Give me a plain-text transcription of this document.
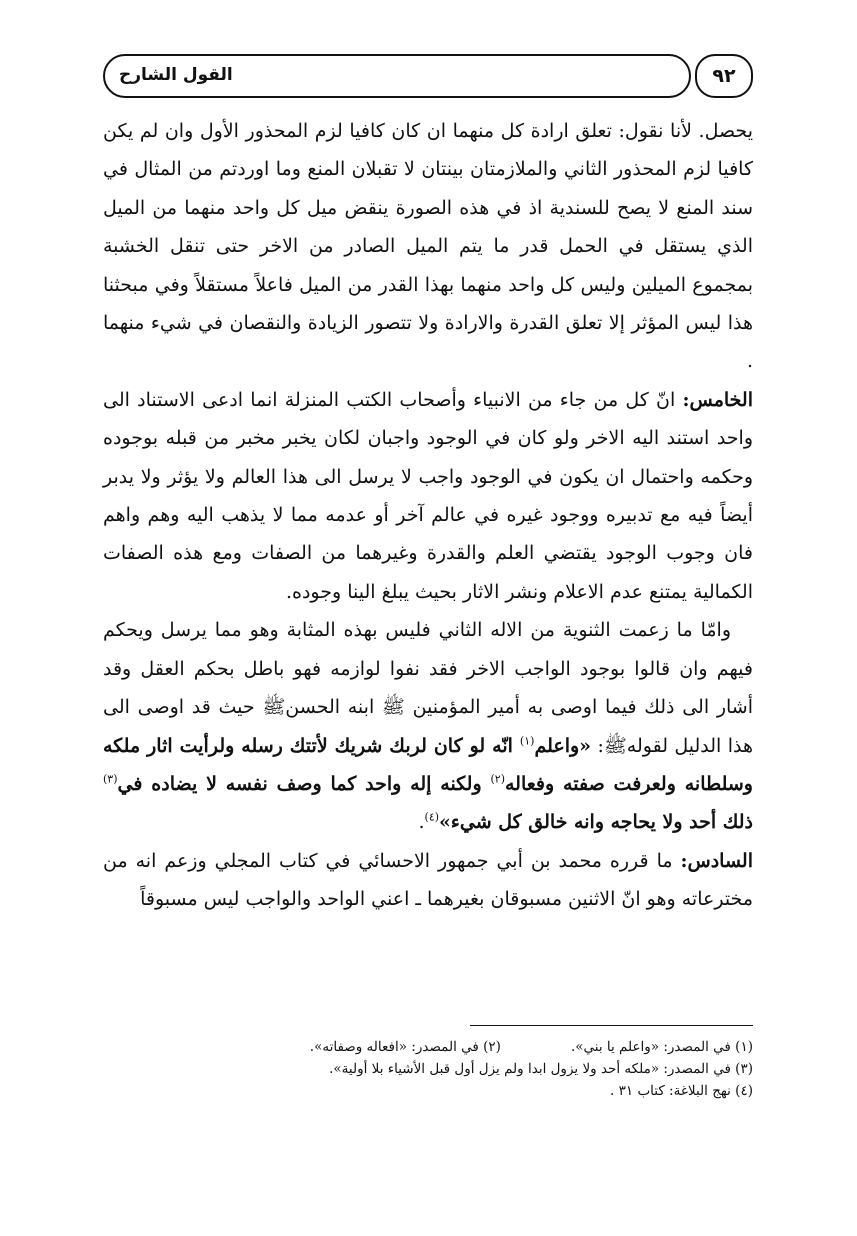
القول الشارح	٩٢

يحصل. لأنا نقول: تعلق ارادة كل منهما ان كان كافيا لزم المحذور الأول وان لم يكن كافيا لزم المحذور الثاني والملازمتان بينتان لا تقبلان المنع وما اوردتم من المثال في سند المنع لا يصح للسندية اذ في هذه الصورة ينقض ميل كل واحد منهما من الميل الذي يستقل في الحمل قدر ما يتم الميل الصادر من الاخر حتى تنقل الخشبة بمجموع الميلين وليس كل واحد منهما بهذا القدر من الميل فاعلاً مستقلاً وفي مبحثنا هذا ليس المؤثر إلا تعلق القدرة والارادة ولا تتصور الزيادة والنقصان في شيء منهما .

الخامس: انّ كل من جاء من الانبياء وأصحاب الكتب المنزلة انما ادعى الاستناد الى واحد استند اليه الاخر ولو كان في الوجود واجبان لكان يخبر مخبر من قبله بوجوده وحكمه واحتمال ان يكون في الوجود واجب لا يرسل الى هذا العالم ولا يؤثر ولا يدبر أيضاً فيه مع تدبيره ووجود غيره في عالم آخر أو عدمه مما لا يذهب اليه وهم واهم فان وجوب الوجود يقتضي العلم والقدرة وغيرهما من الصفات ومع هذه الصفات الكمالية يمتنع عدم الاعلام ونشر الاثار بحيث يبلغ الينا وجوده.

وامّا ما زعمت الثنوية من الاله الثاني فليس بهذه المثابة وهو مما يرسل ويحكم فيهم وان قالوا بوجود الواجب الاخر فقد نفوا لوازمه فهو باطل بحكم العقل وقد أشار الى ذلك فيما اوصى به أمير المؤمنين ﷺ ابنه الحسنﷺ حيث قد اوصى الى هذا الدليل لقولهﷺ: «واعلم$^{(١)}$ انّه لو كان لربك شريك لأتتك رسله ولرأيت اثار ملكه وسلطانه ولعرفت صفته وفعاله$^{(٢)}$ ولكنه إله واحد كما وصف نفسه لا يضاده في$^{(٣)}$ ذلك أحد ولا يحاجه وانه خالق كل شيء»$^{(٤)}$.

السادس: ما قرره محمد بن أبي جمهور الاحسائي في كتاب المجلي وزعم انه من مخترعاته وهو انّ الاثنين مسبوقان بغيرهما ـ اعني الواحد والواجب ليس مسبوقاً

(١) في المصدر: «واعلم يا بني».(٢) في المصدر: «افعاله وصفاته».
(٣) في المصدر: «ملكه أحد ولا يزول ابدا ولم يزل أول قبل الأشياء بلا أولية».
(٤) نهج البلاغة: كتاب ٣١ .
